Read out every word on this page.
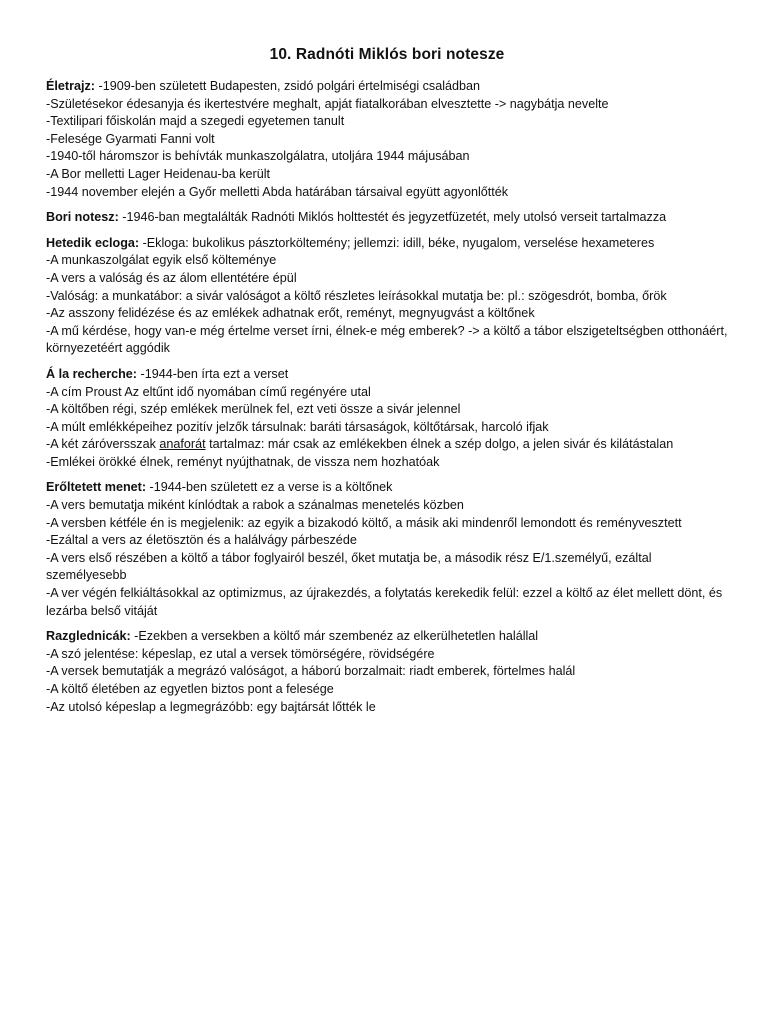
10. Radnóti Miklós bori notesze
Életrajz: -1909-ben született Budapesten, zsidó polgári értelmiségi családban
-Születésekor édesanyja és ikertestvére meghalt, apját fiatalkorában elvesztette -> nagybátja nevelte
-Textilipari főiskolán majd a szegedi egyetemen tanult
-Felesége Gyarmati Fanni volt
-1940-től háromszor is behívták munkaszolgálatra, utoljára 1944 májusában
-A Bor melletti Lager Heidenau-ba került
-1944 november elején a Győr melletti Abda határában társaival együtt agyonlőtték
Bori notesz: -1946-ban megtalálták Radnóti Miklós holttestét és jegyzetfüzetét, mely utolsó verseit tartalmazza
Hetedik ecloga: -Ekloga: bukolikus pásztorköltemény; jellemzi: idill, béke, nyugalom, verselése hexameteres
-A munkaszolgálat egyik első költeménye
-A vers a valóság és az álom ellentétére épül
-Valóság: a munkatábor: a sivár valóságot a költő részletes leírásokkal mutatja be: pl.: szögesdrót, bomba, őrök
-Az asszony felidézése és az emlékek adhatnak erőt, reményt, megnyugvást a költőnek
-A mű kérdése, hogy van-e még értelme verset írni, élnek-e még emberek? -> a költő a tábor elszigeteltségben otthonáért, környezetéért aggódik
Á la recherche: -1944-ben írta ezt a verset
-A cím Proust Az eltűnt idő nyomában című regényére utal
-A költőben régi, szép emlékek merülnek fel, ezt veti össze a sivár jelennel
-A múlt emlékképeihez pozitív jelzők társulnak: baráti társaságok, költőtársak, harcoló ifjak
-A két záróversszak anaforát tartalmaz: már csak az emlékekben élnek a szép dolgo, a jelen sivár és kilátástalan
-Emlékei örökké élnek, reményt nyújthatnak, de vissza nem hozhatóak
Erőltetett menet: -1944-ben született ez a verse is a költőnek
-A vers bemutatja miként kínlódtak a rabok a szánalmas menetelés közben
-A versben kétféle én is megjelenik: az egyik a bizakodó költő, a másik aki mindenről lemondott és reményvesztett
-Ezáltal a vers az életösztön és a halálvágy párbeszéde
-A vers első részében a költő a tábor foglyairól beszél, őket mutatja be, a második rész E/1.személyű, ezáltal személyesebb
-A ver végén felkiáltásokkal az optimizmus, az újrakezdés, a folytatás kerekedik felül: ezzel a költő az élet mellett dönt, és lezárba belső vitáját
Razglednicák: -Ezekben a versekben a költő már szembenéz az elkerülhetetlen halállal
-A szó jelentése: képeslap, ez utal a versek tömörségére, rövidségére
-A versek bemutatják a megrázó valóságot, a háború borzalmait: riadt emberek, förtelmes halál
-A költő életében az egyetlen biztos pont a felesége
-Az utolsó képeslap a legmegrázóbb: egy bajtársát lőtték le
